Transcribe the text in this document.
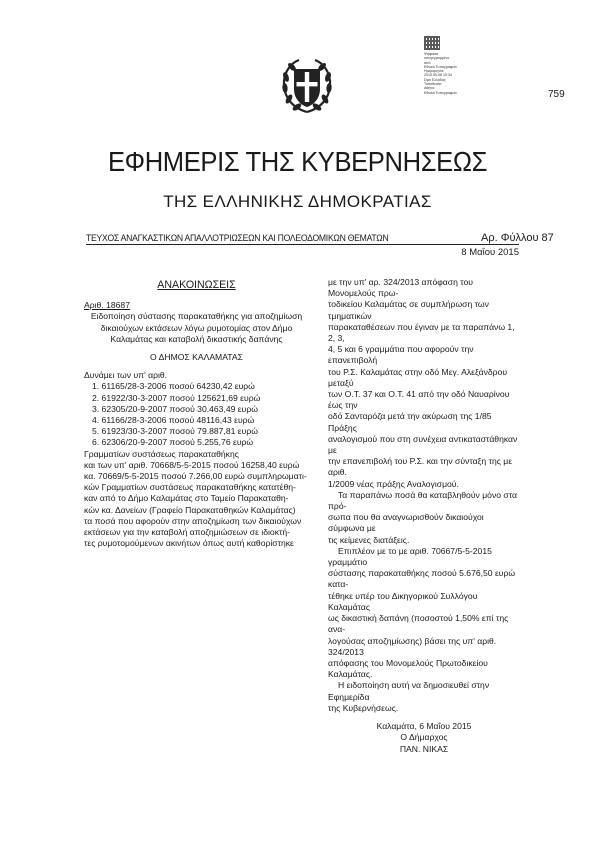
Ψηφιακά
υπογεγραμμένο
από
Εθνικό Τυπογραφείο
Ημερομηνία:
2015.05.08 10:34
Ώρα Ελλάδας
Τοποθεσία:
Αθήνα
Εθνικό Τυπογραφείο	759
ΕΦΗΜΕΡΙΣ ΤΗΣ ΚΥΒΕΡΝΗΣΕΩΣ
ΤΗΣ ΕΛΛΗΝΙΚΗΣ ΔΗΜΟΚΡΑΤΙΑΣ
ΤΕΥΧΟΣ ΑΝΑΓΚΑΣΤΙΚΩΝ ΑΠΑΛΛΟΤΡΙΩΣΕΩΝ ΚΑΙ ΠΟΛΕΟΔΟΜΙΚΩΝ ΘΕΜΑΤΩΝ	Αρ. Φύλλου 87
8 Μαΐου 2015

ΑΝΑΚΟΙΝΩΣΕΙΣ

Αριθ. 18687

Ειδοποίηση σύστασης παρακαταθήκης για αποζημίωση δικαιούχων εκτάσεων λόγω ρυμοτομίας στον Δήμο Καλαμάτας και καταβολή δικαστικής δαπάνης

Ο ΔΗΜΟΣ ΚΑΛΑΜΑΤΑΣ

Δυνάμει των υπ' αριθ.

1. 61165/28-3-2006 ποσού 64230,42 ευρώ

2. 61922/30-3-2007 ποσού 125621,69 ευρώ

3. 62305/20-9-2007 ποσού 30.463,49 ευρώ

4. 61166/28-3-2006 ποσού 48116,43 ευρώ

5. 61923/30-3-2007 ποσού 79.887,81 ευρώ

6. 62306/20-9-2007 ποσού 5.255,76 ευρώ

Γραμματίων συστάσεως παρακαταθήκης

και των υπ' αριθ. 70668/5-5-2015 ποσού 16258,40 ευρώ

κα. 70669/5-5-2015 ποσού 7.266,00 ευρώ συμπληρωματι-

κών Γραμματίων συστάσεως παρακαταθήκης κατατέθη-

καν από το Δήμο Καλαμάτας στο Ταμείο Παρακαταθη-

κών κα. Δανείων (Γραφείο Παρακαταθηκών Καλαμάτας)

τα ποσά που αφορούν στην αποζημίωση των δικαιούχων

εκτάσεων για την καταβολή αποζημιώσεων σε ιδιοκτή-

τες ρυμοτομούμενων ακινήτων όπως αυτή καθορίστηκε

με την υπ' αρ. 324/2013 απόφαση του Μονομελούς πρω-

τοδικείου Καλαμάτας σε συμπλήρωση των τμηματικών

παρακαταθέσεων που έγιναν με τα παραπάνω 1, 2, 3,

4, 5 και 6 γραμμάτια που αφορούν την επανεπιβολή

του Ρ.Σ. Καλαμάτας στην οδό Μεγ. Αλεξάνδρου μεταξύ

των Ο.Τ. 37 και Ο.Τ. 41 από την οδό Ναυαρίνου έως την

οδό Σανταρόζα μετά την ακύρωση της 1/85 Πράξης

αναλογισμού που στη συνέχεια αντικαταστάθηκαν με

την επανεπιβολή του Ρ.Σ. και την σύνταξη της με αριθ.

1/2009 νέας πράξης Αναλογισμού.

Τα παραπάνω ποσά θα καταβληθούν μόνο στα πρό-

σωπα που θα αναγνωρισθούν δικαιούχοι σύμφωνα με

τις κείμενες διατάξεις.

Επιπλέον με το με αριθ. 70667/5-5-2015 γραμμάτιο

σύστασης παρακαταθήκης ποσού 5.676,50 ευρώ κατα-

τέθηκε υπέρ του Δικηγορικού Συλλόγου Καλαμάτας

ως δικαστική δαπάνη (ποσοστού 1,50% επί της ανα-

λογούσας αποζημίωσης) βάσει της υπ' αριθ. 324/2013

απόφασης του Μονομελούς Πρωτοδικείου Καλαμάτας.

Η ειδοποίηση αυτή να δημοσιευθεί στην Εφημερίδα

της Κυβερνήσεως.

Καλαμάτα, 6 Μαΐου 2015

Ο Δήμαρχος

ΠΑΝ. ΝΙΚΑΣ
